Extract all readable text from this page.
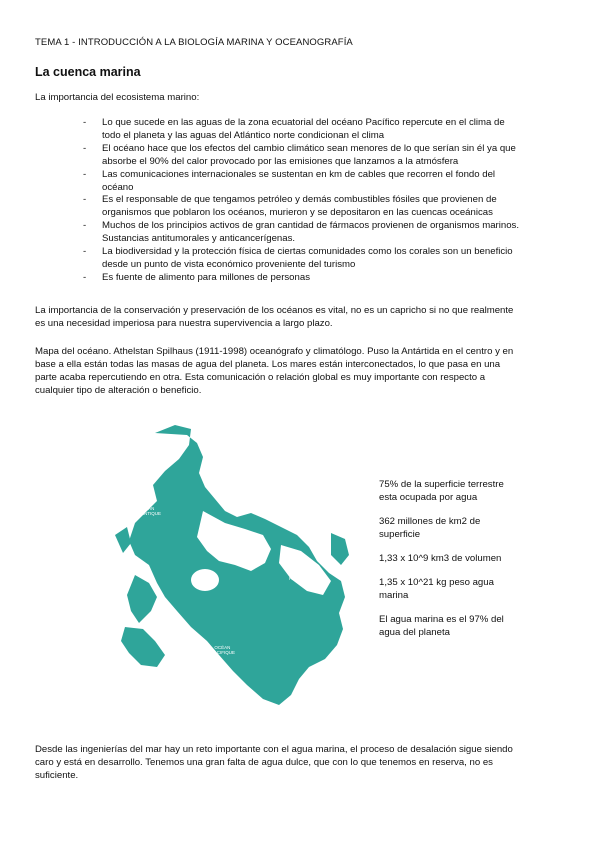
TEMA 1 - INTRODUCCIÓN A LA BIOLOGÍA MARINA Y OCEANOGRAFÍA
La cuenca marina
La importancia del ecosistema marino:
- Lo que sucede en las aguas de la zona ecuatorial del océano Pacífico repercute en el clima de todo el planeta y las aguas del Atlántico norte condicionan el clima
- El océano hace que los efectos del cambio climático sean menores de lo que serían sin él ya que absorbe el 90% del calor provocado por las emisiones que lanzamos a la atmósfera
- Las comunicaciones internacionales se sustentan en km de cables que recorren el fondo del océano
- Es el responsable de que tengamos petróleo y demás combustibles fósiles que provienen de organismos que poblaron los océanos, murieron y se depositaron en las cuencas oceánicas
- Muchos de los principios activos de gran cantidad de fármacos provienen de organismos marinos. Sustancias antitumorales y anticancerígenas.
- La biodiversidad y la protección física de ciertas comunidades como los corales son un beneficio desde un punto de vista económico proveniente del turismo
- Es fuente de alimento para millones de personas
La importancia de la conservación y preservación de los océanos es vital, no es un capricho si no que realmente es una necesidad imperiosa para nuestra supervivencia a largo plazo.
Mapa del océano. Athelstan Spilhaus (1911-1998) oceanógrafo y climatólogo. Puso la Antártida en el centro y en base a ella están todas las masas de agua del planeta. Los mares están interconectados, lo que pasa en una parte acaba repercutiendo en otra. Esta comunicación o relación global es muy importante con respecto a cualquier tipo de alteración o beneficio.
OCÉAN ATLANTIQUE
OCÉAN INDIEN
OCÉAN PACIFIQUE
OCÉAN PACIFIQUE
75% de la superficie terrestre esta ocupada por agua
362 millones de km2 de superficie
1,33 x 10^9 km3 de volumen
1,35 x 10^21 kg peso agua marina
El agua marina es el 97% del agua del planeta
Desde las ingenierías del mar hay un reto importante con el agua marina, el proceso de desalación sigue siendo caro y está en desarrollo. Tenemos una gran falta de agua dulce, que con lo que tenemos en reserva, no es suficiente.
